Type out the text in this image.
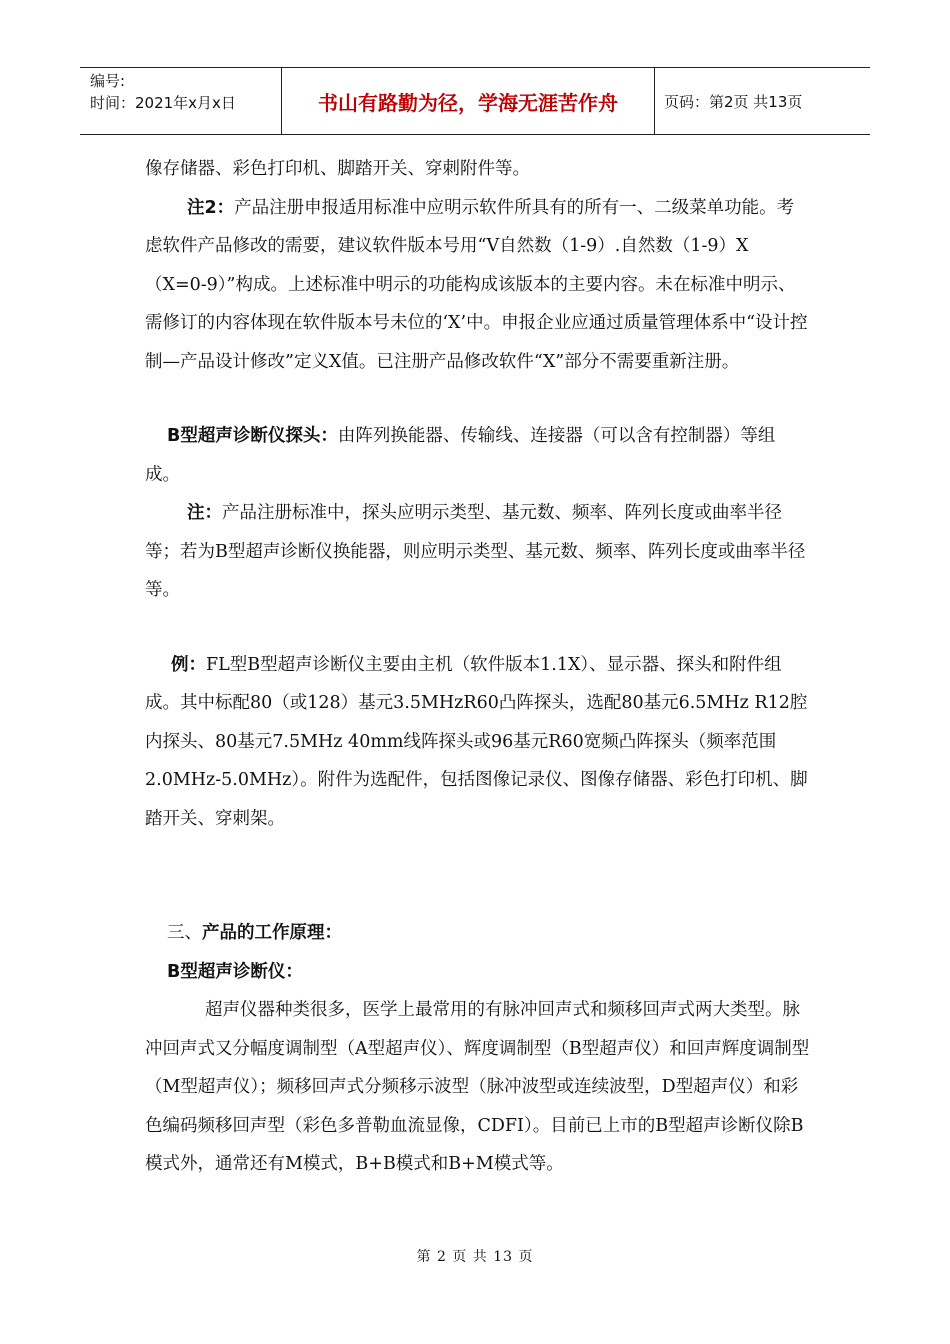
编号:
时间：2021年x月x日	书山有路勤为径，学海无涯苦作舟	页码：第2页 共13页

像存储器、彩色打印机、脚踏开关、穿刺附件等。

注2：产品注册申报适用标准中应明示软件所具有的所有一、二级菜单功能。考虑软件产品修改的需要，建议软件版本号用“V自然数（1-9）.自然数（1-9）X（X=0-9）”构成。上述标准中明示的功能构成该版本的主要内容。未在标准中明示、需修订的内容体现在软件版本号未位的‘X’中。申报企业应通过质量管理体系中“设计控制—产品设计修改”定义X值。已注册产品修改软件“X”部分不需要重新注册。

B型超声诊断仪探头：由阵列换能器、传输线、连接器（可以含有控制器）等组成。

注：产品注册标准中，探头应明示类型、基元数、频率、阵列长度或曲率半径等；若为B型超声诊断仪换能器，则应明示类型、基元数、频率、阵列长度或曲率半径等。

例：FL型B型超声诊断仪主要由主机（软件版本1.1X）、显示器、探头和附件组成。其中标配80（或128）基元3.5MHzR60凸阵探头，选配80基元6.5MHz R12腔内探头、80基元7.5MHz 40mm线阵探头或96基元R60宽频凸阵探头（频率范围2.0MHz-5.0MHz）。附件为选配件，包括图像记录仪、图像存储器、彩色打印机、脚踏开关、穿刺架。

三、产品的工作原理：

B型超声诊断仪：

超声仪器种类很多，医学上最常用的有脉冲回声式和频移回声式两大类型。脉冲回声式又分幅度调制型（A型超声仪）、辉度调制型（B型超声仪）和回声辉度调制型（M型超声仪）；频移回声式分频移示波型（脉冲波型或连续波型，D型超声仪）和彩色编码频移回声型（彩色多普勒血流显像，CDFI）。目前已上市的B型超声诊断仪除B模式外，通常还有M模式，B+B模式和B+M模式等。

第 2 页 共 13 页
